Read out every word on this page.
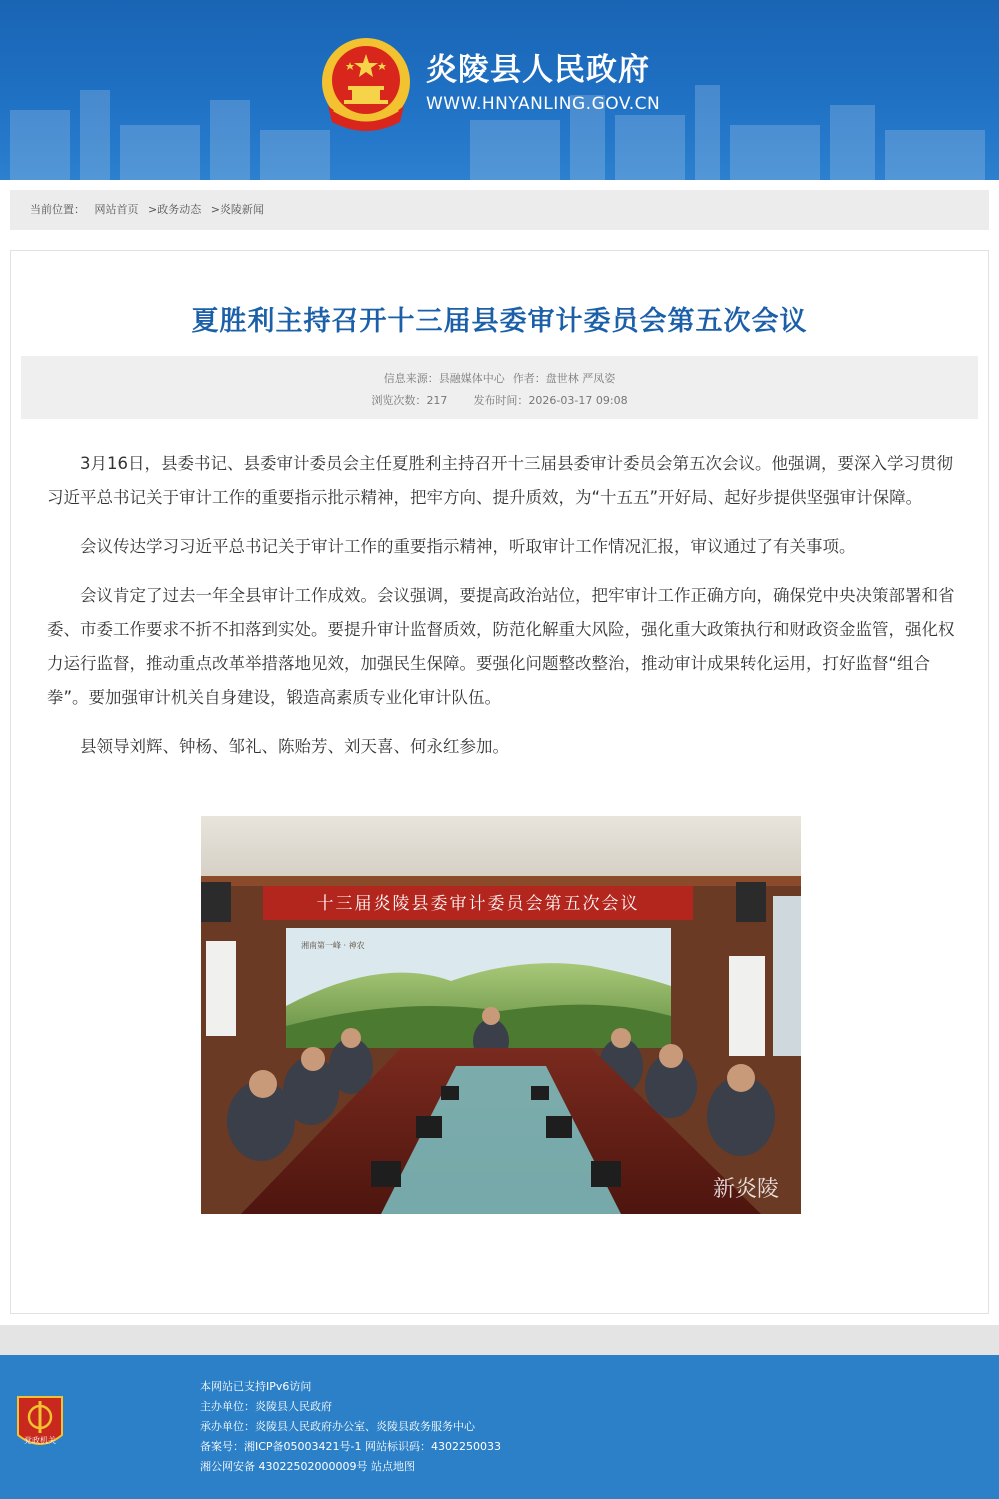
炎陵县人民政府
WWW.HNYANLING.GOV.CN
当前位置： 网站首页 >政务动态 >炎陵新闻
夏胜利主持召开十三届县委审计委员会第五次会议
信息来源：县融媒体中心 作者：盘世林 严凤姿
浏览次数：217 发布时间：2026-03-17 09:08

3月16日，县委书记、县委审计委员会主任夏胜利主持召开十三届县委审计委员会第五次会议。他强调，要深入学习贯彻习近平总书记关于审计工作的重要指示批示精神，把牢方向、提升质效，为“十五五”开好局、起好步提供坚强审计保障。

会议传达学习习近平总书记关于审计工作的重要指示精神，听取审计工作情况汇报，审议通过了有关事项。

会议肯定了过去一年全县审计工作成效。会议强调，要提高政治站位，把牢审计工作正确方向，确保党中央决策部署和省委、市委工作要求不折不扣落到实处。要提升审计监督质效，防范化解重大风险，强化重大政策执行和财政资金监管，强化权力运行监督，推动重点改革举措落地见效，加强民生保障。要强化问题整改整治，推动审计成果转化运用，打好监督“组合拳”。要加强审计机关自身建设，锻造高素质专业化审计队伍。

县领导刘辉、钟杨、邹礼、陈贻芳、刘天喜、何永红参加。

十三届炎陵县委审计委员会第五次会议
湘南第一峰 · 神农
新炎陵
党政机关
本网站已支持IPv6访问
主办单位：炎陵县人民政府
承办单位：炎陵县人民政府办公室、炎陵县政务服务中心
备案号：湘ICP备05003421号-1 网站标识码：4302250033
湘公网安备 43022502000009号 站点地图
